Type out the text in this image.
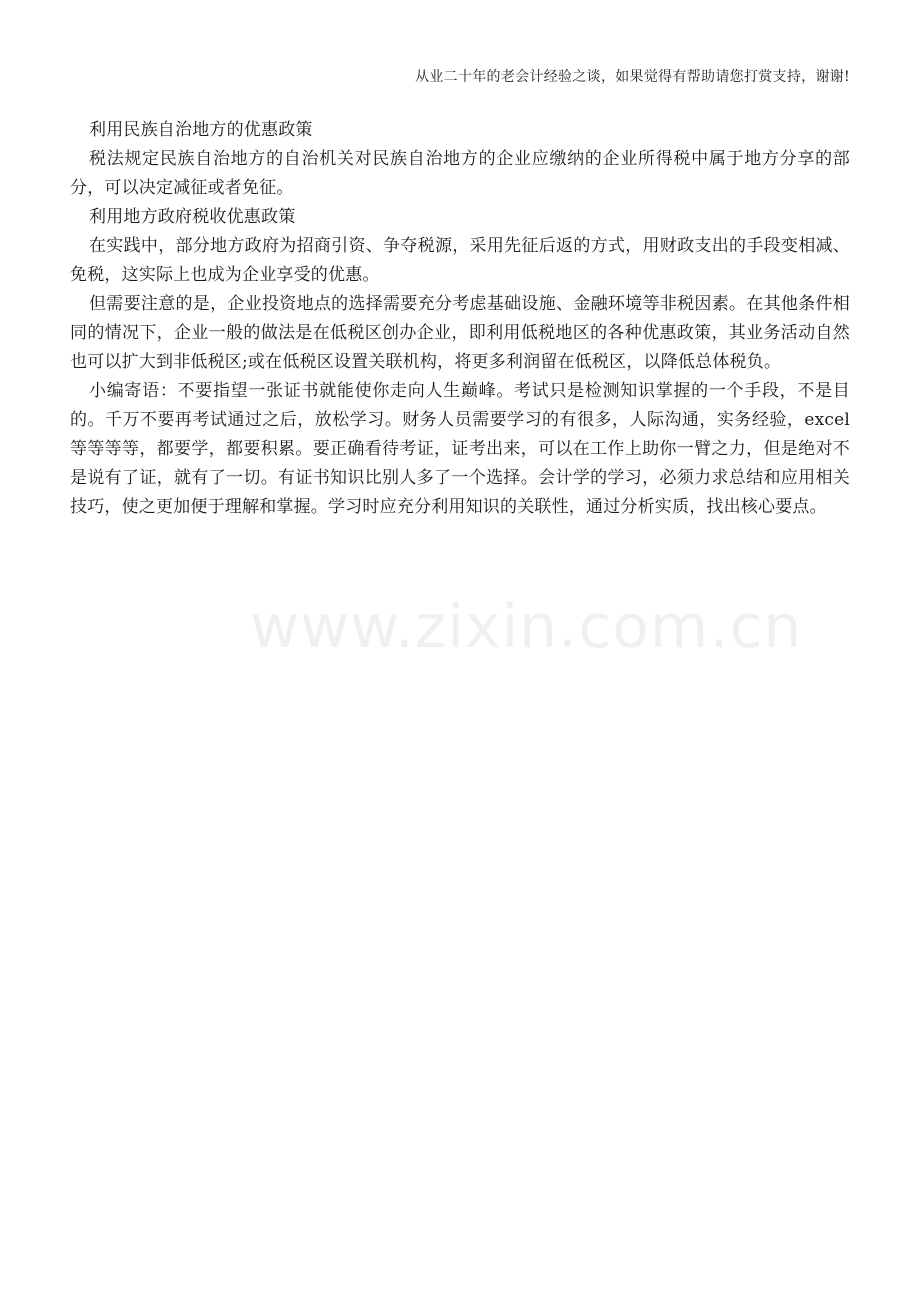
从业二十年的老会计经验之谈，如果觉得有帮助请您打赏支持，谢谢!

利用民族自治地方的优惠政策

税法规定民族自治地方的自治机关对民族自治地方的企业应缴纳的企业所得税中属于地方分享的部分，可以决定减征或者免征。

利用地方政府税收优惠政策

在实践中，部分地方政府为招商引资、争夺税源，采用先征后返的方式，用财政支出的手段变相减、免税，这实际上也成为企业享受的优惠。

但需要注意的是，企业投资地点的选择需要充分考虑基础设施、金融环境等非税因素。在其他条件相同的情况下，企业一般的做法是在低税区创办企业，即利用低税地区的各种优惠政策，其业务活动自然也可以扩大到非低税区;或在低税区设置关联机构，将更多利润留在低税区，以降低总体税负。

小编寄语：不要指望一张证书就能使你走向人生巅峰。考试只是检测知识掌握的一个手段，不是目的。千万不要再考试通过之后，放松学习。财务人员需要学习的有很多，人际沟通，实务经验，excel 等等等等，都要学，都要积累。要正确看待考证，证考出来，可以在工作上助你一臂之力，但是绝对不是说有了证，就有了一切。有证书知识比别人多了一个选择。会计学的学习，必须力求总结和应用相关技巧，使之更加便于理解和掌握。学习时应充分利用知识的关联性，通过分析实质，找出核心要点。

www.zixin.com.cn
